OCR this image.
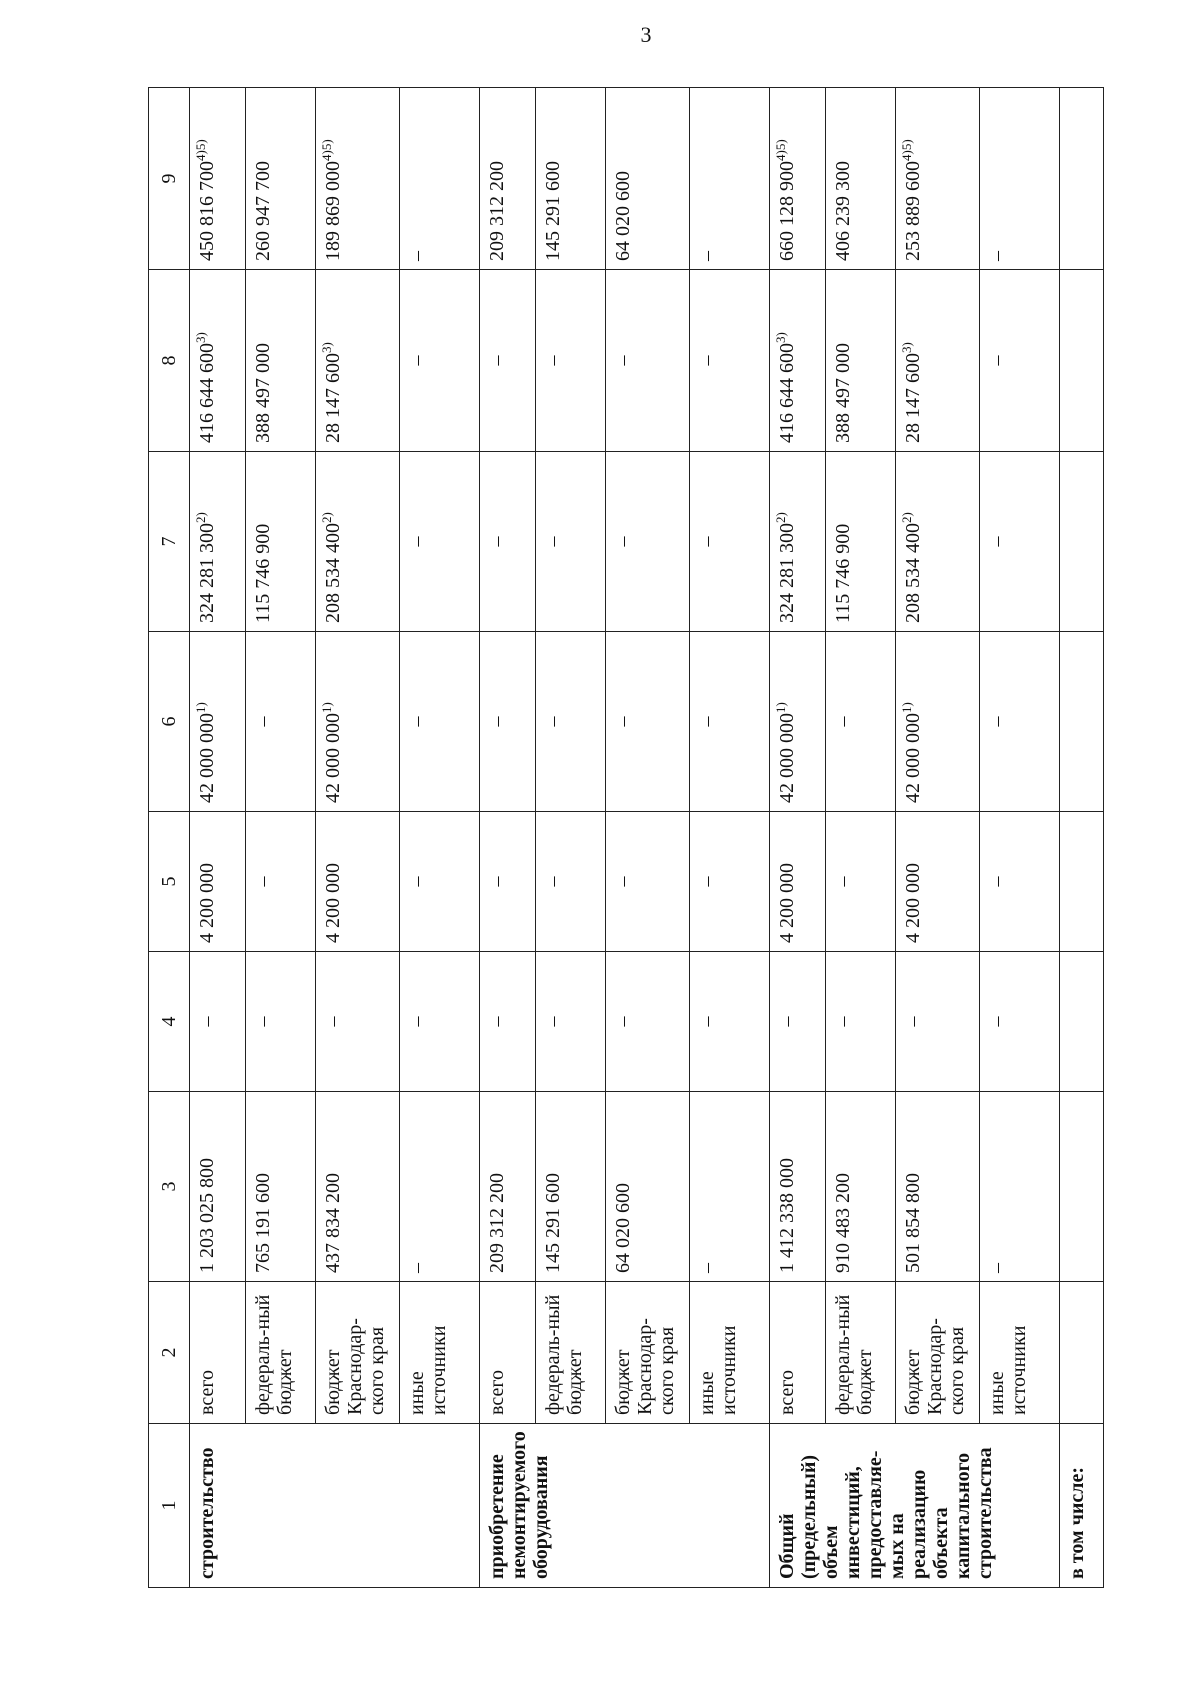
3
1	2	3	4	5	6	7	8	9
строительство	всего	1 203 025 800	–	4 200 000	42 000 000$^{1)}$	324 281 300$^{2)}$	416 644 600$^{3)}$	450 816 $700^{4)5)}$
	федераль-ный бюджет	765 191 600	–	–	–	115 746 900	388 497 000	260 947 700
	бюджет Краснодар-ского края	437 834 200	–	4 200 000	42 000 000$^{1)}$	208 534 400$^{2)}$	28 147 600$^{3)}$	189 869 $000^{4)5)}$
	иные источники	–	–	–	–	–	–	–
приобретение немонтируемого оборудования	всего	209 312 200	–	–	–	–	–	209 312 200
	федераль-ный бюджет	145 291 600	–	–	–	–	–	145 291 600
	бюджет Краснодар-ского края	64 020 600	–	–	–	–	–	64 020 600
	иные источники	–	–	–	–	–	–	–
Общий (предельный) объем инвестиций, предоставляе-мых на реализацию объекта капитального строительства	всего	1 412 338 000	–	4 200 000	42 000 000$^{1)}$	324 281 300$^{2)}$	416 644 600$^{3)}$	660 128 $900^{4)5)}$
	федераль-ный бюджет	910 483 200	–	–	–	115 746 900	388 497 000	406 239 300
	бюджет Краснодар-ского края	501 854 800	–	4 200 000	42 000 000$^{1)}$	208 534 400$^{2)}$	28 147 600$^{3)}$	253 889 $600^{4)5)}$
	иные источники	–	–	–	–	–	–	–
в том числе:								
